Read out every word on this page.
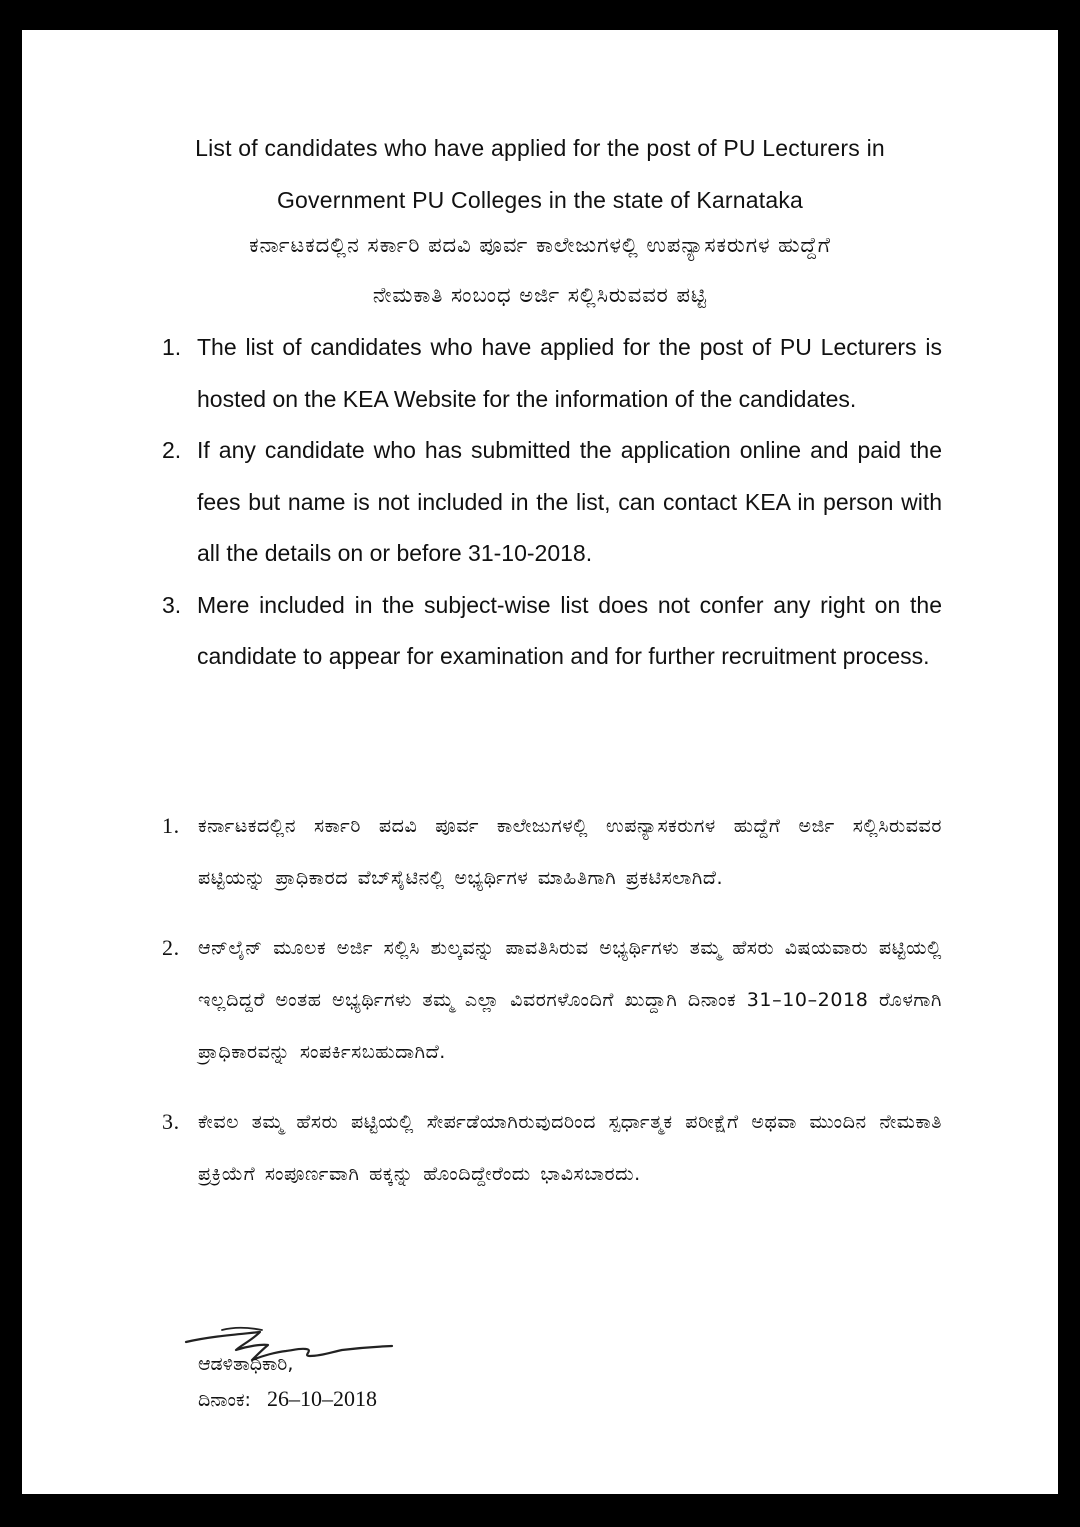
List of candidates who have applied for the post of PU Lecturers in
Government PU Colleges in the state of Karnataka
ಕರ್ನಾಟಕದಲ್ಲಿನ ಸರ್ಕಾರಿ ಪದವಿ ಪೂರ್ವ ಕಾಲೇಜುಗಳಲ್ಲಿ ಉಪನ್ಯಾಸಕರುಗಳ ಹುದ್ದೆಗೆ
ನೇಮಕಾತಿ ಸಂಬಂಧ ಅರ್ಜಿ ಸಲ್ಲಿಸಿರುವವರ ಪಟ್ಟಿ
1. The list of candidates who have applied for the post of PU Lecturers is hosted on the KEA Website for the information of the candidates.
2. If any candidate who has submitted the application online and paid the fees but name is not included in the list, can contact KEA in person with all the details on or before 31-10-2018.
3. Mere included in the subject-wise list does not confer any right on the candidate to appear for examination and for further recruitment process.
1. ಕರ್ನಾಟಕದಲ್ಲಿನ ಸರ್ಕಾರಿ ಪದವಿ ಪೂರ್ವ ಕಾಲೇಜುಗಳಲ್ಲಿ ಉಪನ್ಯಾಸಕರುಗಳ ಹುದ್ದೆಗೆ ಅರ್ಜಿ ಸಲ್ಲಿಸಿರುವವರ ಪಟ್ಟಿಯನ್ನು ಪ್ರಾಧಿಕಾರದ ವೆಬ್‌ಸೈಟಿನಲ್ಲಿ ಅಭ್ಯರ್ಥಿಗಳ ಮಾಹಿತಿಗಾಗಿ ಪ್ರಕಟಿಸಲಾಗಿದೆ.
2. ಆನ್‌ಲೈನ್ ಮೂಲಕ ಅರ್ಜಿ ಸಲ್ಲಿಸಿ ಶುಲ್ಕವನ್ನು ಪಾವತಿಸಿರುವ ಅಭ್ಯರ್ಥಿಗಳು ತಮ್ಮ ಹೆಸರು ವಿಷಯವಾರು ಪಟ್ಟಿಯಲ್ಲಿ ಇಲ್ಲದಿದ್ದರೆ ಅಂತಹ ಅಭ್ಯರ್ಥಿಗಳು ತಮ್ಮ ಎಲ್ಲಾ ವಿವರಗಳೊಂದಿಗೆ ಖುದ್ದಾಗಿ ದಿನಾಂಕ 31–10–2018 ರೊಳಗಾಗಿ ಪ್ರಾಧಿಕಾರವನ್ನು ಸಂಪರ್ಕಿಸಬಹುದಾಗಿದೆ.
3. ಕೇವಲ ತಮ್ಮ ಹೆಸರು ಪಟ್ಟಿಯಲ್ಲಿ ಸೇರ್ಪಡೆಯಾಗಿರುವುದರಿಂದ ಸ್ಪರ್ಧಾತ್ಮಕ ಪರೀಕ್ಷೆಗೆ ಅಥವಾ ಮುಂದಿನ ನೇಮಕಾತಿ ಪ್ರಕ್ರಿಯೆಗೆ ಸಂಪೂರ್ಣವಾಗಿ ಹಕ್ಕನ್ನು ಹೊಂದಿದ್ದೇರೆಂದು ಭಾವಿಸಬಾರದು.
ಆಡಳಿತಾಧಿಕಾರಿ,
ದಿನಾಂಕ: 26–10–2018
